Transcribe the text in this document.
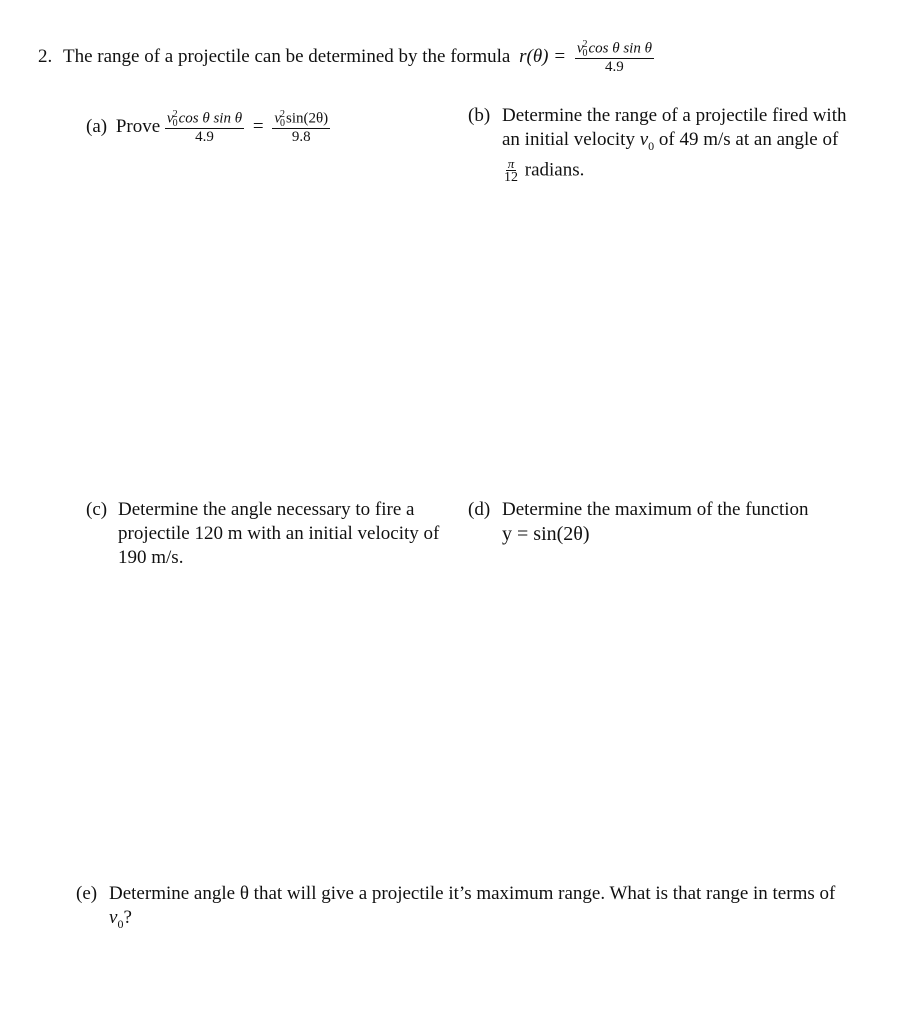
2. The range of a projectile can be determined by the formula r(θ) = v 2
0 cos θ sin θ
4.9
(a) Prove v 2
0 cos θ sin θ
4.9 = v 2
0 sin(2θ)
9.8	(b) Determine the range of a projectile fired with
an initial velocity $v_0$ of 49 m/s at an angle of
$\frac{\pi}{12}$ radians.
(c) Determine the angle necessary to fire a
projectile 120 m with an initial velocity of
190 m/s.
(d) Determine the maximum of the function
y = sin(2θ)
(e) Determine angle θ that will give a projectile it’s maximum range. What is that range in terms of
$v_0$?
